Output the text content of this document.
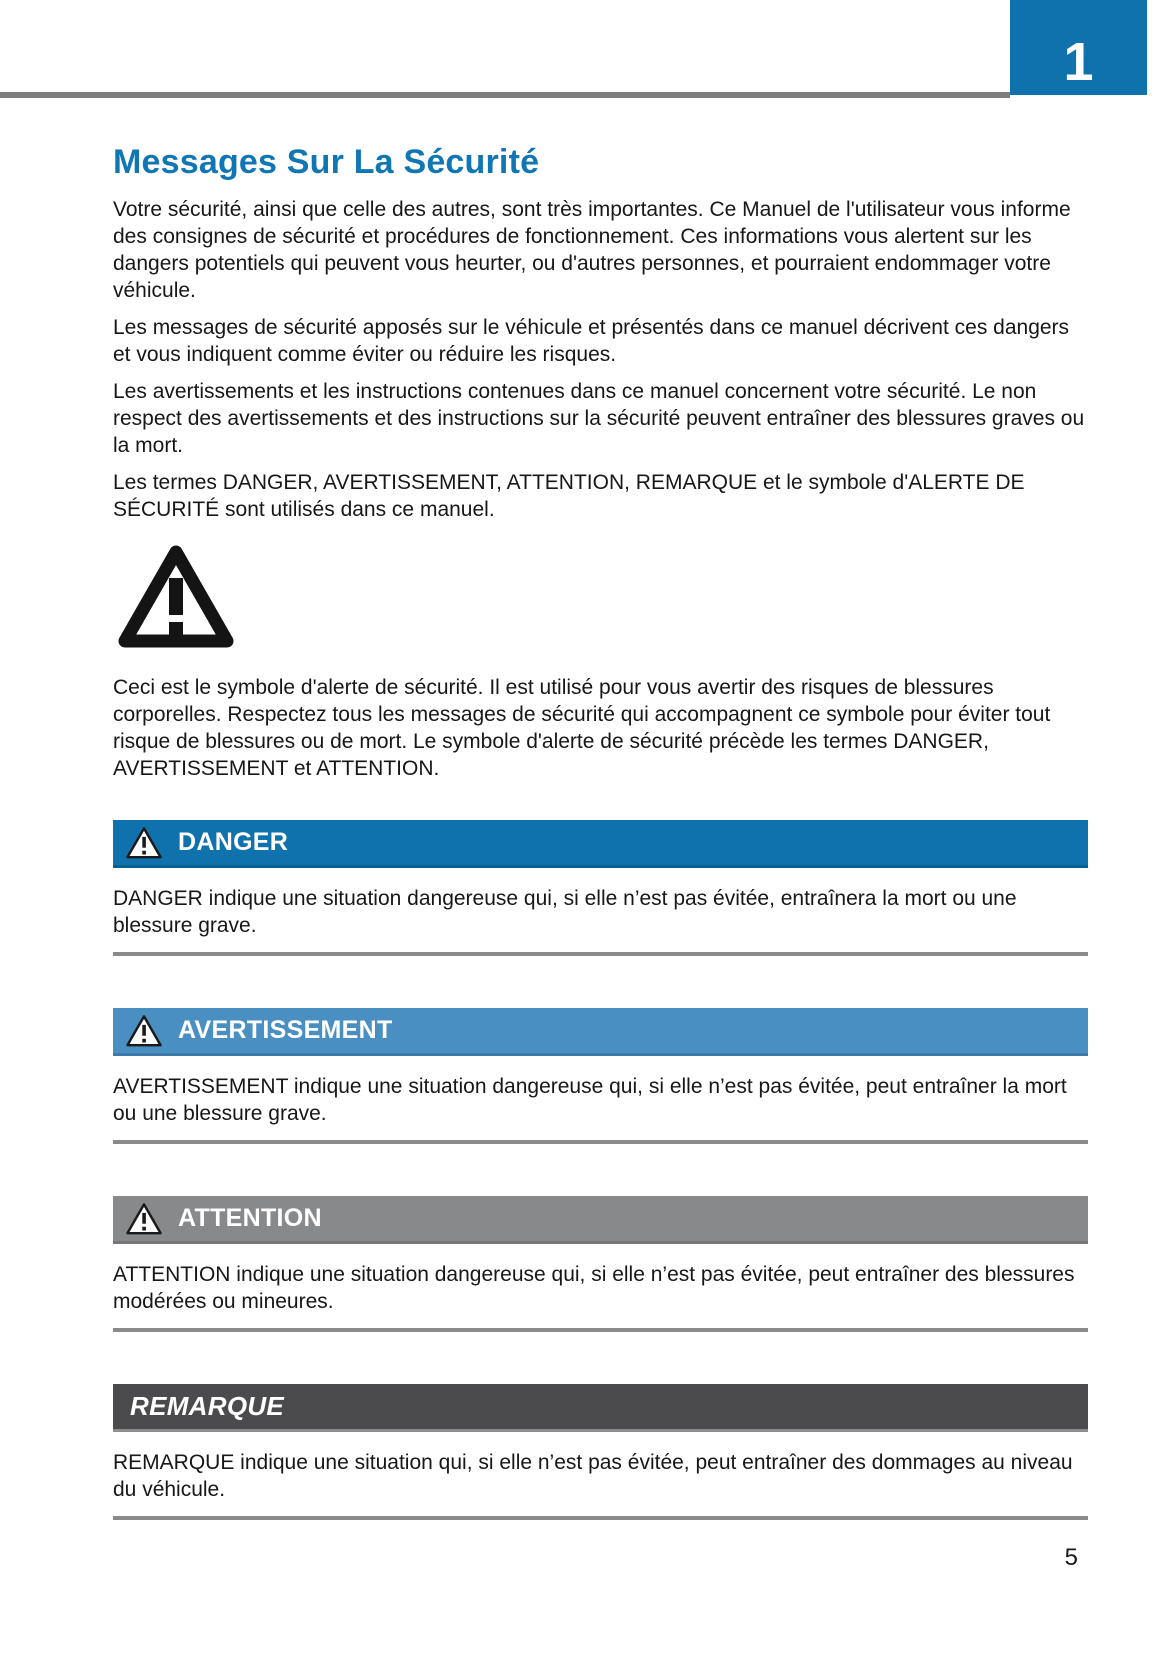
1
Messages Sur La Sécurité

Votre sécurité, ainsi que celle des autres, sont très importantes. Ce Manuel de l'utilisateur vous informe des consignes de sécurité et procédures de fonctionnement. Ces informations vous alertent sur les dangers potentiels qui peuvent vous heurter, ou d'autres personnes, et pourraient endommager votre véhicule.

Les messages de sécurité apposés sur le véhicule et présentés dans ce manuel décrivent ces dangers et vous indiquent comme éviter ou réduire les risques.

Les avertissements et les instructions contenues dans ce manuel concernent votre sécurité. Le non respect des avertissements et des instructions sur la sécurité peuvent entraîner des blessures graves ou la mort.

Les termes DANGER, AVERTISSEMENT, ATTENTION, REMARQUE et le symbole d'ALERTE DE SÉCURITÉ sont utilisés dans ce manuel.

Ceci est le symbole d'alerte de sécurité. Il est utilisé pour vous avertir des risques de blessures corporelles. Respectez tous les messages de sécurité qui accompagnent ce symbole pour éviter tout risque de blessures ou de mort. Le symbole d'alerte de sécurité précède les termes DANGER, AVERTISSEMENT et ATTENTION.

DANGER

DANGER indique une situation dangereuse qui, si elle n’est pas évitée, entraînera la mort ou une blessure grave.

AVERTISSEMENT

AVERTISSEMENT indique une situation dangereuse qui, si elle n’est pas évitée, peut entraîner la mort ou une blessure grave.

ATTENTION

ATTENTION indique une situation dangereuse qui, si elle n’est pas évitée, peut entraîner des blessures modérées ou mineures.

REMARQUE

REMARQUE indique une situation qui, si elle n’est pas évitée, peut entraîner des dommages au niveau du véhicule.

5
